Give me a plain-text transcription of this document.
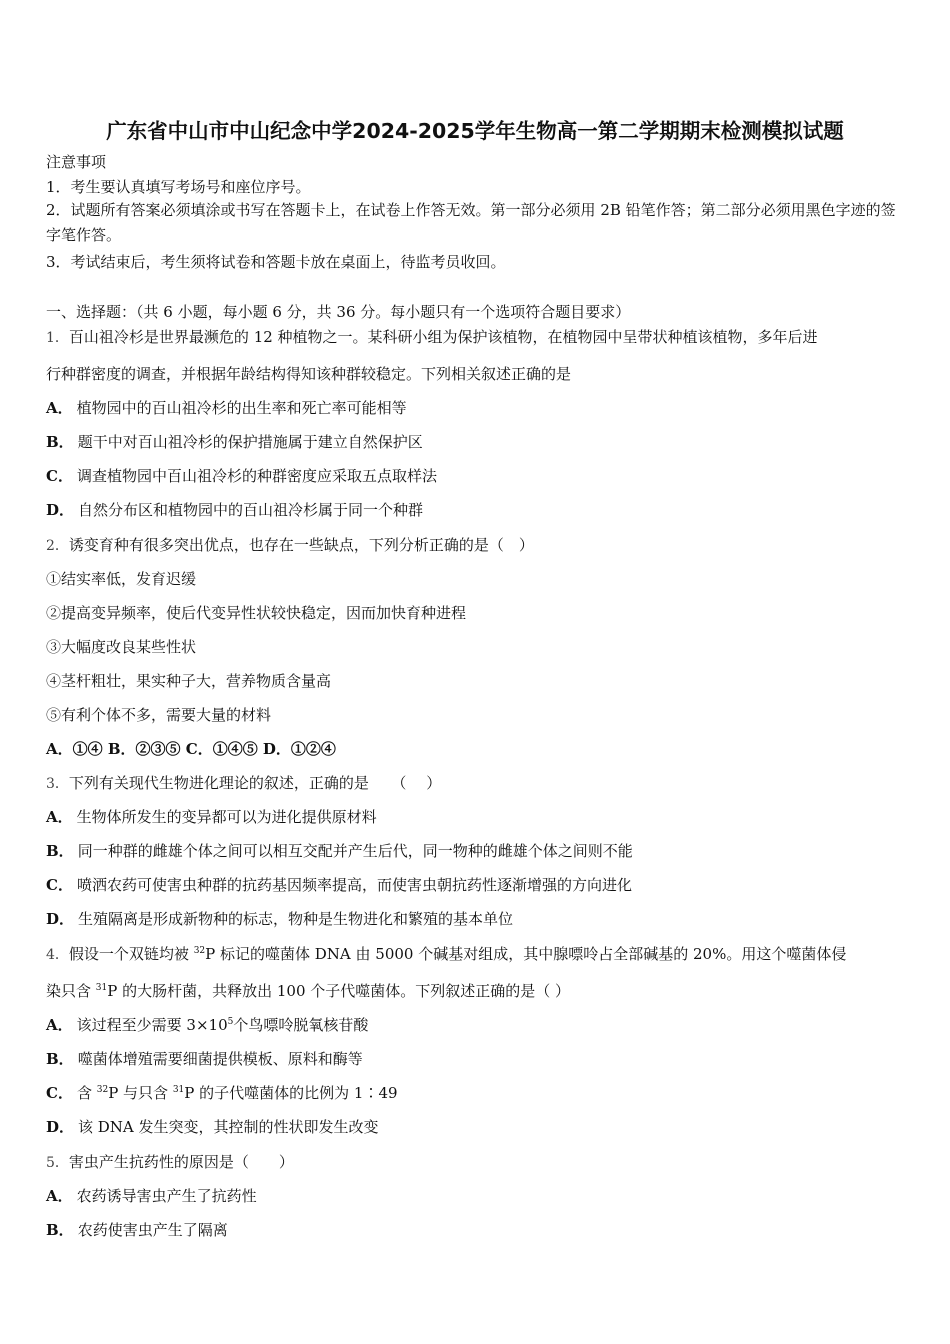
广东省中山市中山纪念中学2024-2025学年生物高一第二学期期末检测模拟试题
注意事项
1．考生要认真填写考场号和座位序号。
2．试题所有答案必须填涂或书写在答题卡上，在试卷上作答无效。第一部分必须用 2B 铅笔作答；第二部分必须用黑色字迹的签字笔作答。
3．考试结束后，考生须将试卷和答题卡放在桌面上，待监考员收回。
一、选择题：（共 6 小题，每小题 6 分，共 36 分。每小题只有一个选项符合题目要求）
1．百山祖冷杉是世界最濒危的 12 种植物之一。某科研小组为保护该植物，在植物园中呈带状种植该植物，多年后进
行种群密度的调查，并根据年龄结构得知该种群较稳定。下列相关叙述正确的是
A． 植物园中的百山祖冷杉的出生率和死亡率可能相等
B． 题干中对百山祖冷杉的保护措施属于建立自然保护区
C． 调查植物园中百山祖冷杉的种群密度应采取五点取样法
D． 自然分布区和植物园中的百山祖冷杉属于同一个种群
2．诱变育种有很多突出优点，也存在一些缺点，下列分析正确的是（　）
①结实率低，发育迟缓
②提高变异频率，使后代变异性状较快稳定，因而加快育种进程
③大幅度改良某些性状
④茎杆粗壮，果实种子大，营养物质含量高
⑤有利个体不多，需要大量的材料
A．①④ B．②③⑤ C．①④⑤ D．①②④
3．下列有关现代生物进化理论的叙述，正确的是　　（　 ）
A． 生物体所发生的变异都可以为进化提供原材料
B． 同一种群的雌雄个体之间可以相互交配并产生后代，同一物种的雌雄个体之间则不能
C． 喷洒农药可使害虫种群的抗药基因频率提高，而使害虫朝抗药性逐渐增强的方向进化
D． 生殖隔离是形成新物种的标志，物种是生物进化和繁殖的基本单位
4．假设一个双链均被 $^{32}$P 标记的噬菌体 DNA 由 5000 个碱基对组成，其中腺嘌呤占全部碱基的 20%。用这个噬菌体侵
染只含 $^{31}$P 的大肠杆菌，共释放出 100 个子代噬菌体。下列叙述正确的是（ ）
A． 该过程至少需要 $3\times 10^5$个鸟嘌呤脱氧核苷酸
B． 噬菌体增殖需要细菌提供模板、原料和酶等
C． 含 $^{32}$P 与只含 $^{31}$P 的子代噬菌体的比例为 1∶49
D． 该 DNA 发生突变，其控制的性状即发生改变
5．害虫产生抗药性的原因是（　　）
A． 农药诱导害虫产生了抗药性
B． 农药使害虫产生了隔离
